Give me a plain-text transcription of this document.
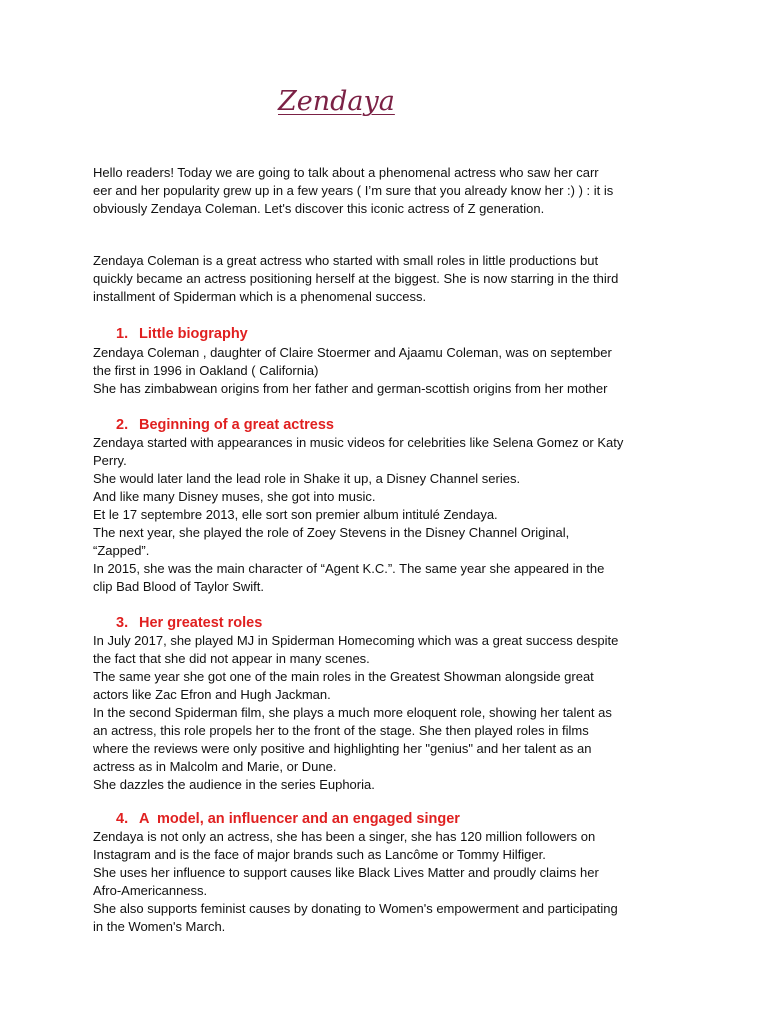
Zendaya

Hello readers! Today we are going to talk about a phenomenal actress who saw her carr
eer and her popularity grew up in a few years ( I’m sure that you already know her :) ) : it is
obviously Zendaya Coleman. Let's discover this iconic actress of Z generation.

Zendaya Coleman is a great actress who started with small roles in little productions but
quickly became an actress positioning herself at the biggest. She is now starring in the third
installment of Spiderman which is a phenomenal success.

1. Little biography

Zendaya Coleman , daughter of Claire Stoermer and Ajaamu Coleman, was on september
the first in 1996 in Oakland ( California)
She has zimbabwean origins from her father and german-scottish origins from her mother

2. Beginning of a great actress

Zendaya started with appearances in music videos for celebrities like Selena Gomez or Katy
Perry.
She would later land the lead role in Shake it up, a Disney Channel series.
And like many Disney muses, she got into music.
Et le 17 septembre 2013, elle sort son premier album intitulé Zendaya.
The next year, she played the role of Zoey Stevens in the Disney Channel Original,
“Zapped”.
In 2015, she was the main character of “Agent K.C.”. The same year she appeared in the
clip Bad Blood of Taylor Swift.

3. Her greatest roles

In July 2017, she played MJ in Spiderman Homecoming which was a great success despite
the fact that she did not appear in many scenes.
The same year she got one of the main roles in the Greatest Showman alongside great
actors like Zac Efron and Hugh Jackman.
In the second Spiderman film, she plays a much more eloquent role, showing her talent as
an actress, this role propels her to the front of the stage. She then played roles in films
where the reviews were only positive and highlighting her "genius" and her talent as an
actress as in Malcolm and Marie, or Dune.
She dazzles the audience in the series Euphoria.

4. A  model, an influencer and an engaged singer

Zendaya is not only an actress, she has been a singer, she has 120 million followers on
Instagram and is the face of major brands such as Lancôme or Tommy Hilfiger.
She uses her influence to support causes like Black Lives Matter and proudly claims her
Afro-Americanness.
She also supports feminist causes by donating to Women's empowerment and participating
in the Women's March.
